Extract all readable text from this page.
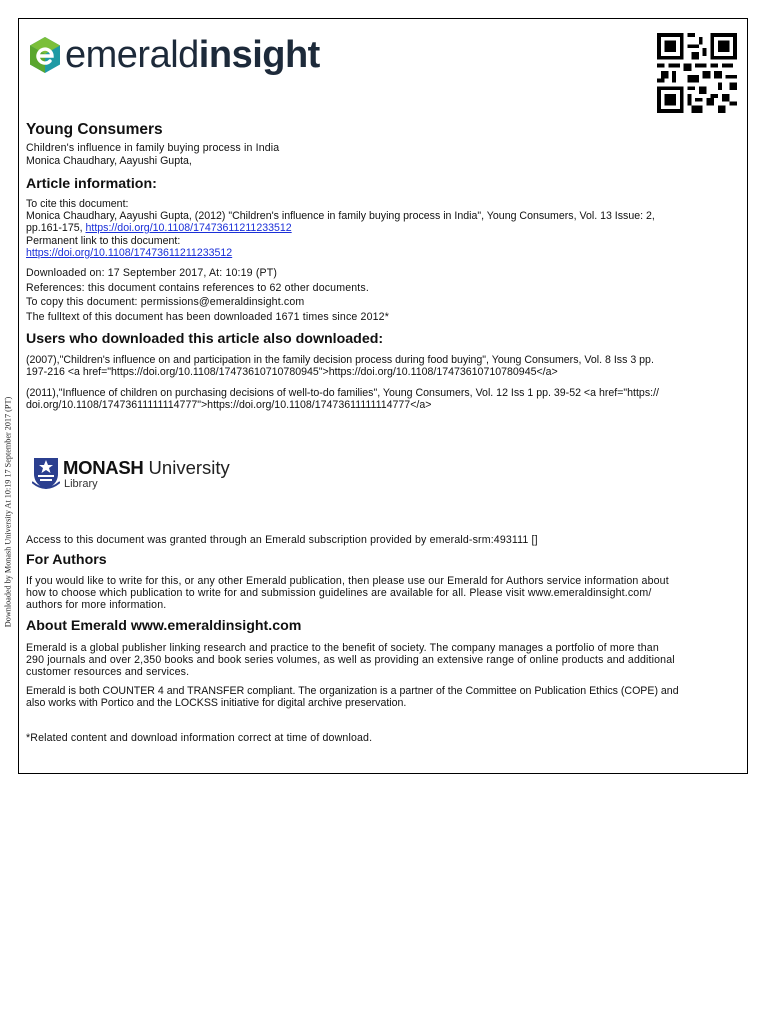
Downloaded by Monash University At 10:19 17 September 2017 (PT)
emeraldinsight
Young Consumers
Children's influence in family buying process in India
Monica Chaudhary, Aayushi Gupta,
Article information:
To cite this document:
Monica Chaudhary, Aayushi Gupta, (2012) "Children's influence in family buying process in India", Young Consumers, Vol. 13 Issue: 2,
pp.161-175, https://doi.org/10.1108/17473611211233512
Permanent link to this document:
https://doi.org/10.1108/17473611211233512
Downloaded on: 17 September 2017, At: 10:19 (PT)
References: this document contains references to 62 other documents.
To copy this document: permissions@emeraldinsight.com
The fulltext of this document has been downloaded 1671 times since 2012*
Users who downloaded this article also downloaded:
(2007),"Children's influence on and participation in the family decision process during food buying", Young Consumers, Vol. 8 Iss 3 pp.
197-216 <a href="https://doi.org/10.1108/17473610710780945">https://doi.org/10.1108/17473610710780945</a>
(2011),"Influence of children on purchasing decisions of well-to-do families", Young Consumers, Vol. 12 Iss 1 pp. 39-52 <a href="https://
doi.org/10.1108/17473611111114777">https://doi.org/10.1108/17473611111114777</a>
MONASH University
Library
Access to this document was granted through an Emerald subscription provided by emerald-srm:493111 []
For Authors
If you would like to write for this, or any other Emerald publication, then please use our Emerald for Authors service information about
how to choose which publication to write for and submission guidelines are available for all. Please visit www.emeraldinsight.com/
authors for more information.
About Emerald www.emeraldinsight.com
Emerald is a global publisher linking research and practice to the benefit of society. The company manages a portfolio of more than
290 journals and over 2,350 books and book series volumes, as well as providing an extensive range of online products and additional
customer resources and services.
Emerald is both COUNTER 4 and TRANSFER compliant. The organization is a partner of the Committee on Publication Ethics (COPE) and
also works with Portico and the LOCKSS initiative for digital archive preservation.
*Related content and download information correct at time of download.
